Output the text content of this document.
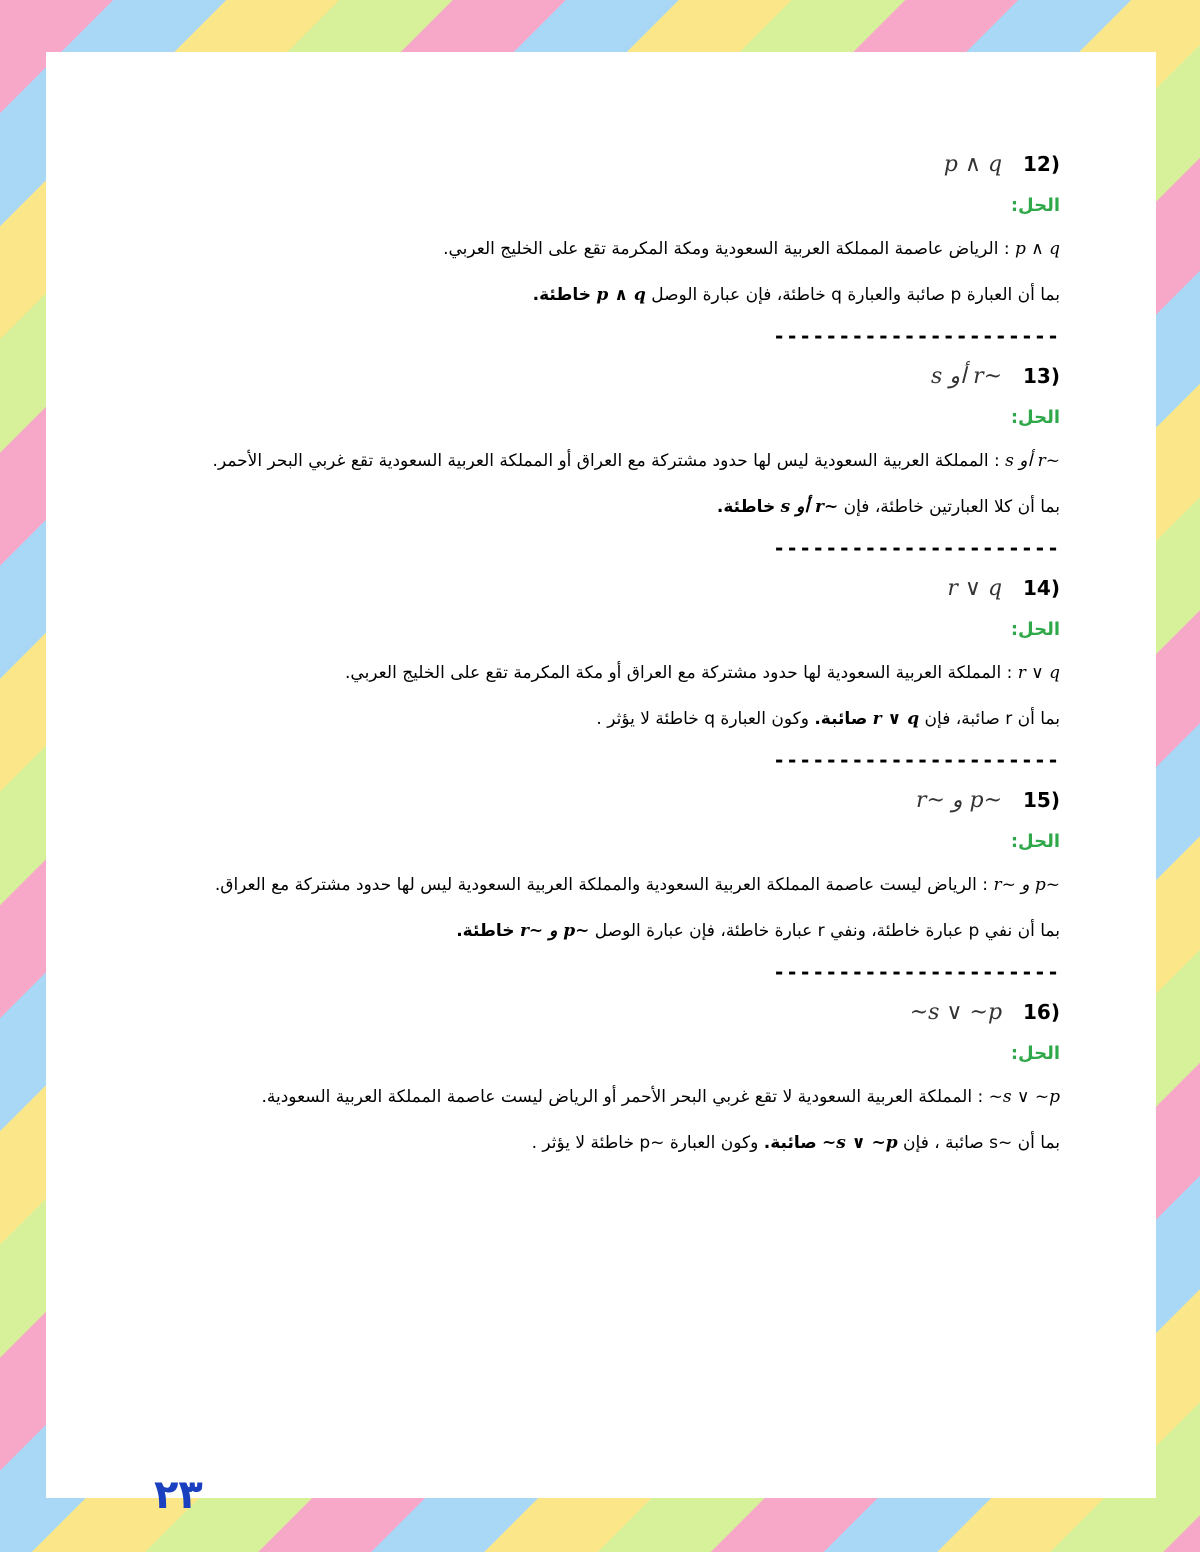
(12 p ∧ q
الحل:
p ∧ q : الرياض عاصمة المملكة العربية السعودية ومكة المكرمة تقع على الخليج العربي.
بما أن العبارة p صائبة والعبارة q خاطئة، فإن عبارة الوصل p ∧ q خاطئة.
----------------------
(13 ~r أو s
الحل:
~r أو s : المملكة العربية السعودية ليس لها حدود مشتركة مع العراق أو المملكة العربية السعودية تقع غربي البحر الأحمر.
بما أن كلا العبارتين خاطئة، فإن ~r أو s خاطئة.
----------------------
(14 r ∨ q
الحل:
r ∨ q : المملكة العربية السعودية لها حدود مشتركة مع العراق أو مكة المكرمة تقع على الخليج العربي.
بما أن r صائبة، فإن r ∨ q صائبة. وكون العبارة q خاطئة لا يؤثر .
----------------------
(15 ~p و ~r
الحل:
~p و ~r : الرياض ليست عاصمة المملكة العربية السعودية والمملكة العربية السعودية ليس لها حدود مشتركة مع العراق.
بما أن نفي p عبارة خاطئة، ونفي r عبارة خاطئة، فإن عبارة الوصل ~p و ~r خاطئة.
----------------------
(16 ~s ∨ ~p
الحل:
~s ∨ ~p : المملكة العربية السعودية لا تقع غربي البحر الأحمر أو الرياض ليست عاصمة المملكة العربية السعودية.
بما أن ~s صائبة ، فإن ~s ∨ ~p صائبة. وكون العبارة ~p خاطئة لا يؤثر .
٢٣
